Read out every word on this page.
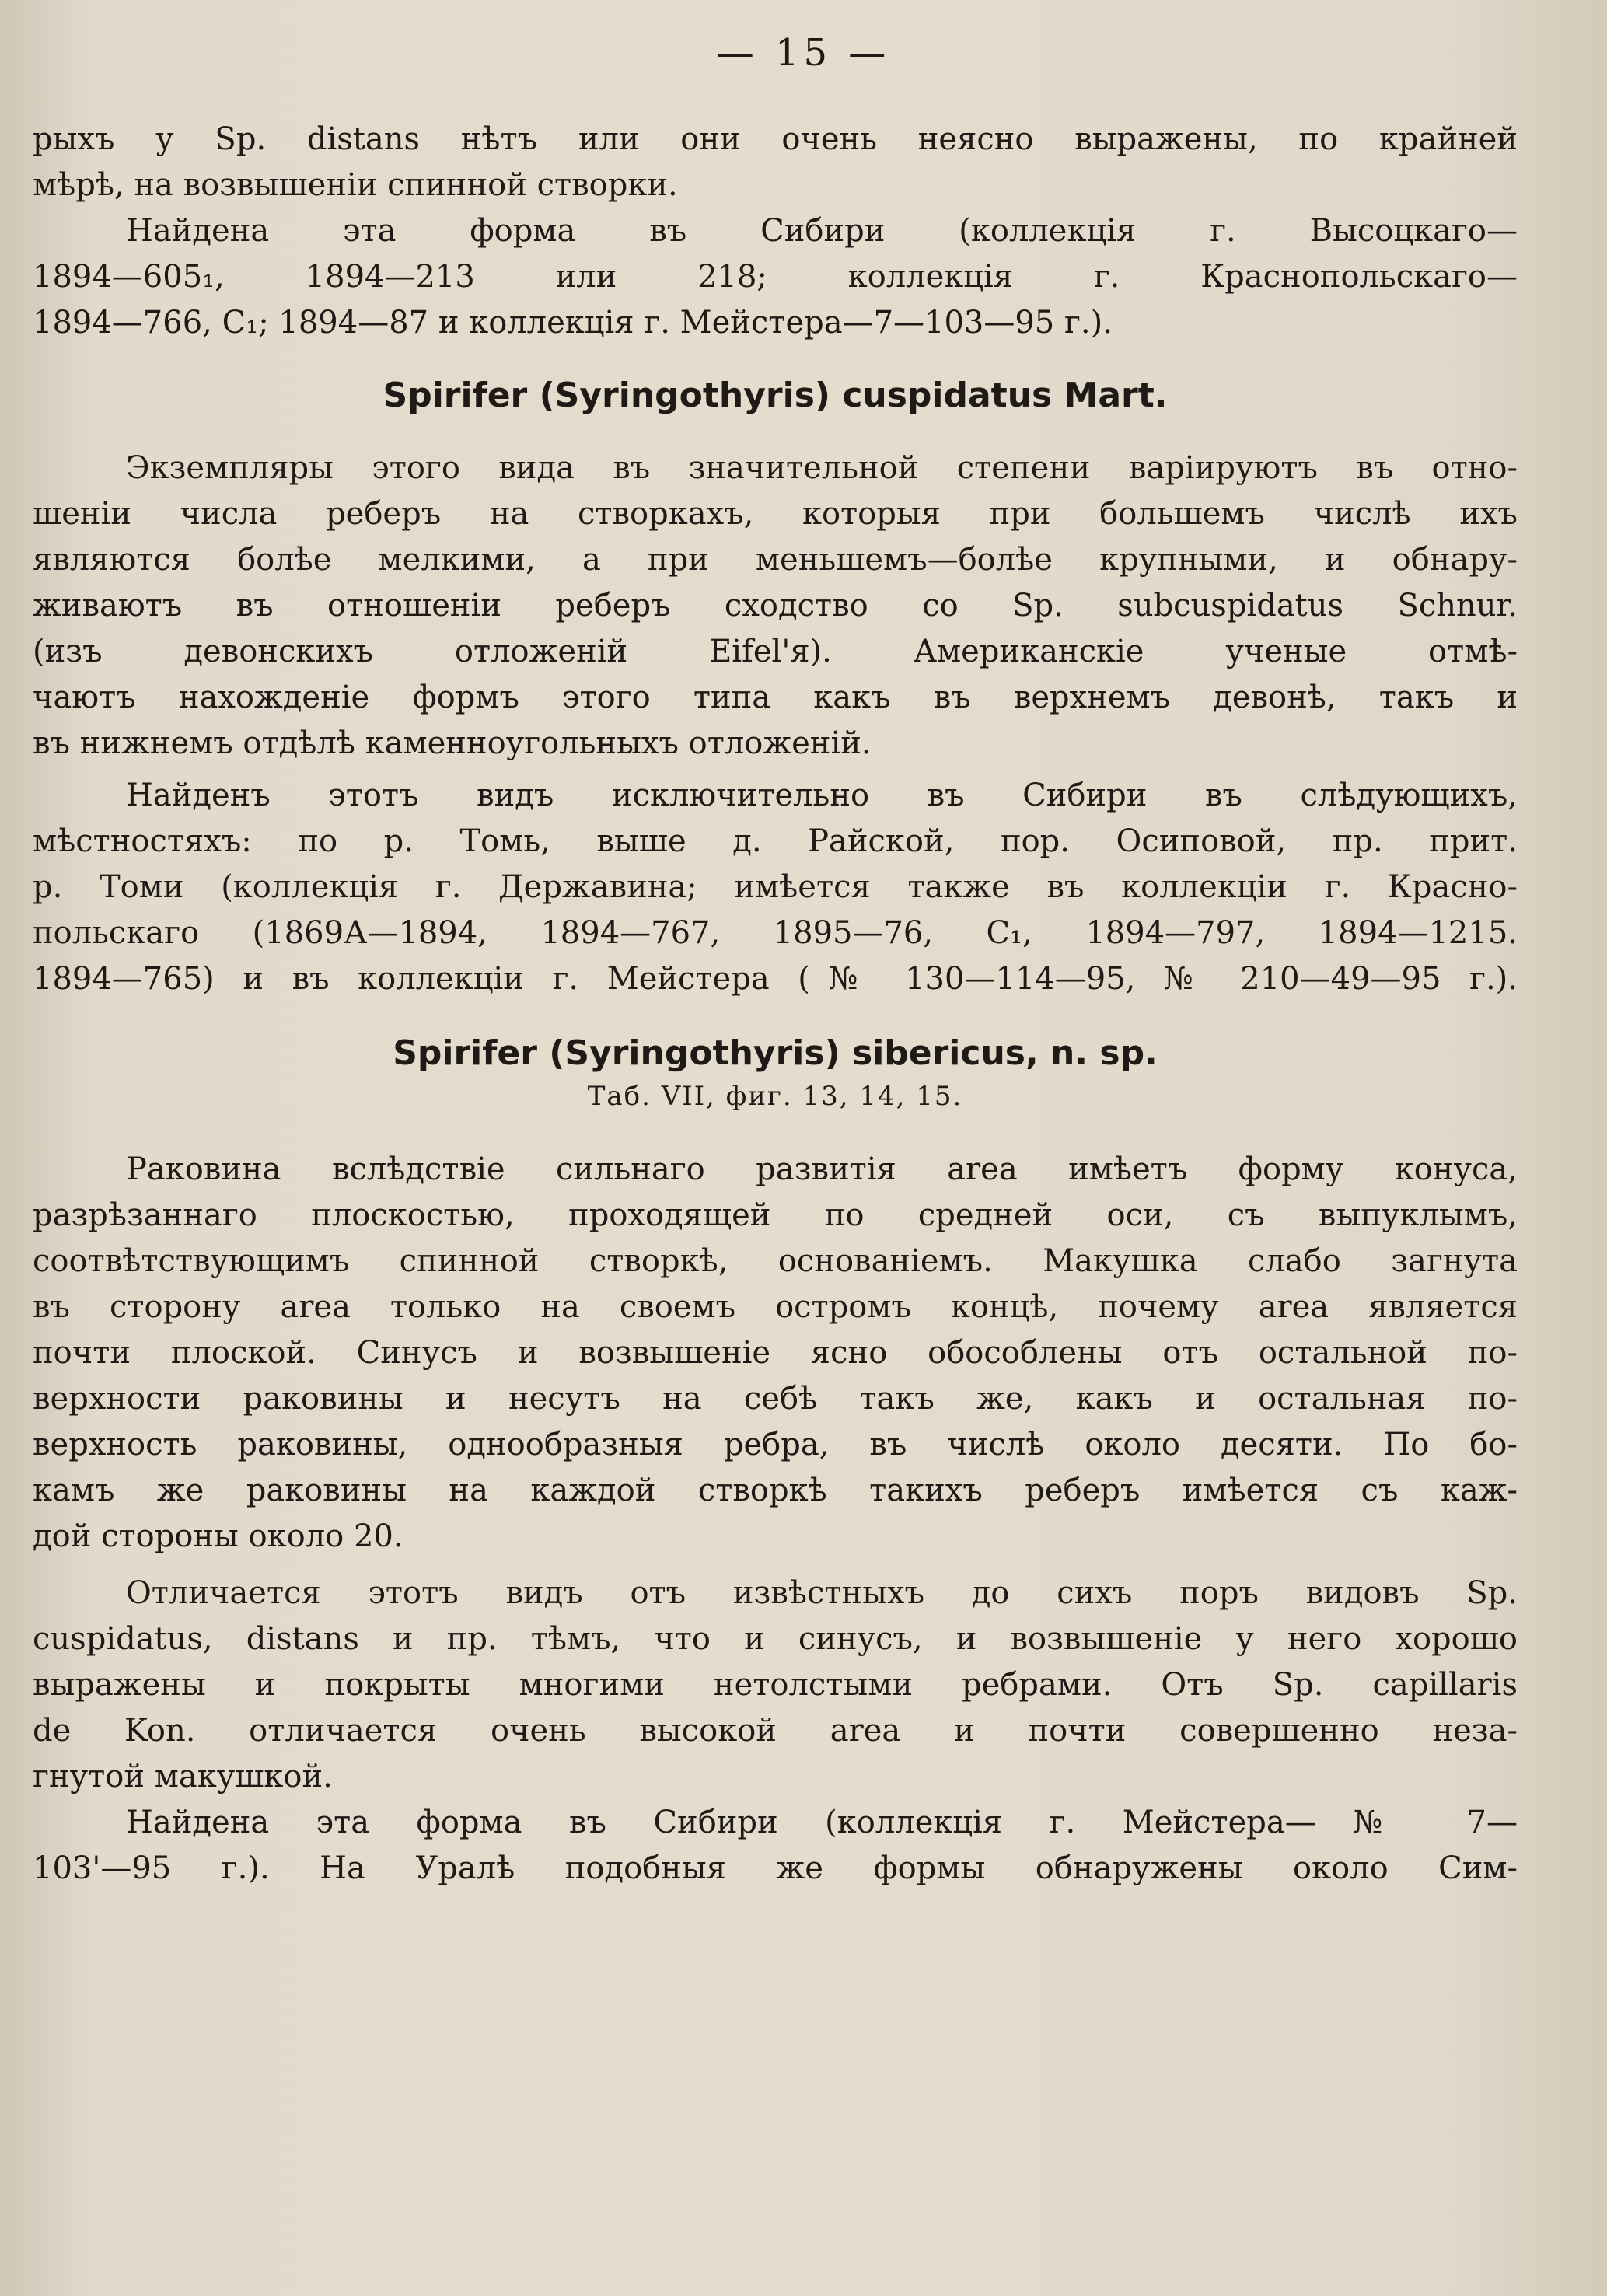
— 15 —
рыхъ у Sp. distans нѣтъ или они очень неясно выражены, по крайней
мѣрѣ, на возвышеніи спинной створки.
Найдена эта форма въ Сибири (коллекція г. Высоцкаго—
1894—605₁, 1894—213 или 218; коллекція г. Краснопольскаго—
1894—766, C₁; 1894—87 и коллекція г. Мейстера—7—103—95 г.).
Spirifer (Syringothyris) cuspidatus Mart.
Экземпляры этого вида въ значительной степени варіируютъ въ отно-
шеніи числа реберъ на створкахъ, которыя при большемъ числѣ ихъ
являются болѣе мелкими, а при меньшемъ—болѣе крупными, и обнару-
живаютъ въ отношеніи реберъ сходство со Sp. subcuspidatus Schnur.
(изъ девонскихъ отложеній Eifel'я). Американскіе ученые отмѣ-
чаютъ нахожденіе формъ этого типа какъ въ верхнемъ девонѣ, такъ и
въ нижнемъ отдѣлѣ каменноугольныхъ отложеній.
Найденъ этотъ видъ исключительно въ Сибири въ слѣдующихъ,
мѣстностяхъ: по р. Томь, выше д. Райской, пор. Осиповой, пр. прит.
р. Томи (коллекція г. Державина; имѣется также въ коллекціи г. Красно-
польскаго (1869А—1894, 1894—767, 1895—76, C₁, 1894—797, 1894—1215.
1894—765) и въ коллекціи г. Мейстера (№ 130—114—95, № 210—49—95 г.).
Spirifer (Syringothyris) sibericus, n. sp.
Таб. VII, фиг. 13, 14, 15.
Раковина вслѣдствіе сильнаго развитія area имѣетъ форму конуса,
разрѣзаннаго плоскостью, проходящей по средней оси, съ выпуклымъ,
соотвѣтствующимъ спинной створкѣ, основаніемъ. Макушка слабо загнута
въ сторону area только на своемъ остромъ концѣ, почему area является
почти плоской. Синусъ и возвышеніе ясно обособлены отъ остальной по-
верхности раковины и несутъ на себѣ такъ же, какъ и остальная по-
верхность раковины, однообразныя ребра, въ числѣ около десяти. По бо-
камъ же раковины на каждой створкѣ такихъ реберъ имѣется съ каж-
дой стороны около 20.
Отличается этотъ видъ отъ извѣстныхъ до сихъ поръ видовъ Sp.
cuspidatus, distans и пр. тѣмъ, что и синусъ, и возвышеніе у него хорошо
выражены и покрыты многими нетолстыми ребрами. Отъ Sp. capillaris
de Kon. отличается очень высокой area и почти совершенно неза-
гнутой макушкой.
Найдена эта форма въ Сибири (коллекція г. Мейстера—№ 7—
103'—95 г.). На Уралѣ подобныя же формы обнаружены около Сим-
